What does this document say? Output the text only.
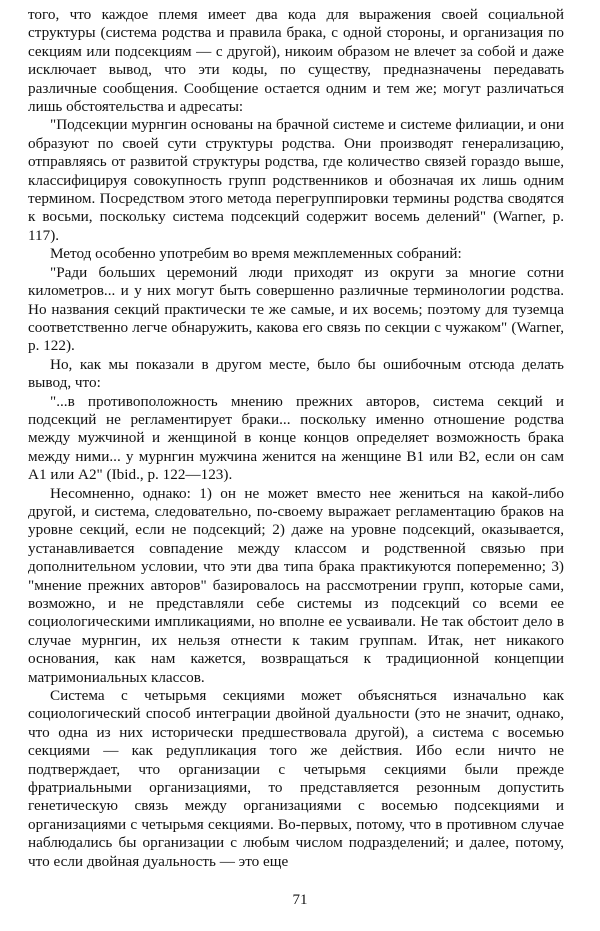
того, что каждое племя имеет два кода для выражения своей социальной структуры (система родства и правила брака, с одной стороны, и организация по секциям или подсекциям — с другой), никоим образом не влечет за собой и даже исключает вывод, что эти коды, по существу, предназначены передавать различные сообщения. Сообщение остается одним и тем же; могут различаться лишь обстоятельства и адресаты:

"Подсекции мурнгин основаны на брачной системе и системе филиации, и они образуют по своей сути структуры родства. Они производят генерализацию, отправляясь от развитой структуры родства, где количество связей гораздо выше, классифицируя совокупность групп родственников и обозначая их лишь одним термином. Посредством этого метода перегруппировки термины родства сводятся к восьми, поскольку система подсекций содержит восемь делений" (Warner, p. 117).

Метод особенно употребим во время межплеменных собраний:

"Ради больших церемоний люди приходят из округи за многие сотни километров... и у них могут быть совершенно различные терминологии родства. Но названия секций практически те же самые, и их восемь; поэтому для туземца соответственно легче обнаружить, какова его связь по секции с чужаком" (Warner, p. 122).

Но, как мы показали в другом месте, было бы ошибочным отсюда делать вывод, что:

"...в противоположность мнению прежних авторов, система секций и подсекций не регламентирует браки... поскольку именно отношение родства между мужчиной и женщиной в конце концов определяет возможность брака между ними... у мурнгин мужчина женится на женщине В1 или В2, если он сам А1 или А2" (Ibid., p. 122—123).

Несомненно, однако: 1) он не может вместо нее жениться на какой-либо другой, и система, следовательно, по-своему выражает регламентацию браков на уровне секций, если не подсекций; 2) даже на уровне подсекций, оказывается, устанавливается совпадение между классом и родственной связью при дополнительном условии, что эти два типа брака практикуются попеременно; 3) "мнение прежних авторов" базировалось на рассмотрении групп, которые сами, возможно, и не представляли себе системы из подсекций со всеми ее социологическими импликациями, но вполне ее усваивали. Не так обстоит дело в случае мурнгин, их нельзя отнести к таким группам. Итак, нет никакого основания, как нам кажется, возвращаться к традиционной концепции матримониальных классов.

Система с четырьмя секциями может объясняться изначально как социологический способ интеграции двойной дуальности (это не значит, однако, что одна из них исторически предшествовала другой), а система с восемью секциями — как редупликация того же действия. Ибо если ничто не подтверждает, что организации с четырьмя секциями были прежде фратриальными организациями, то представляется резонным допустить генетическую связь между организациями с восемью подсекциями и организациями с четырьмя секциями. Во-первых, потому, что в противном случае наблюдались бы организации с любым числом подразделений; и далее, потому, что если двойная дуальность — это еще

71
